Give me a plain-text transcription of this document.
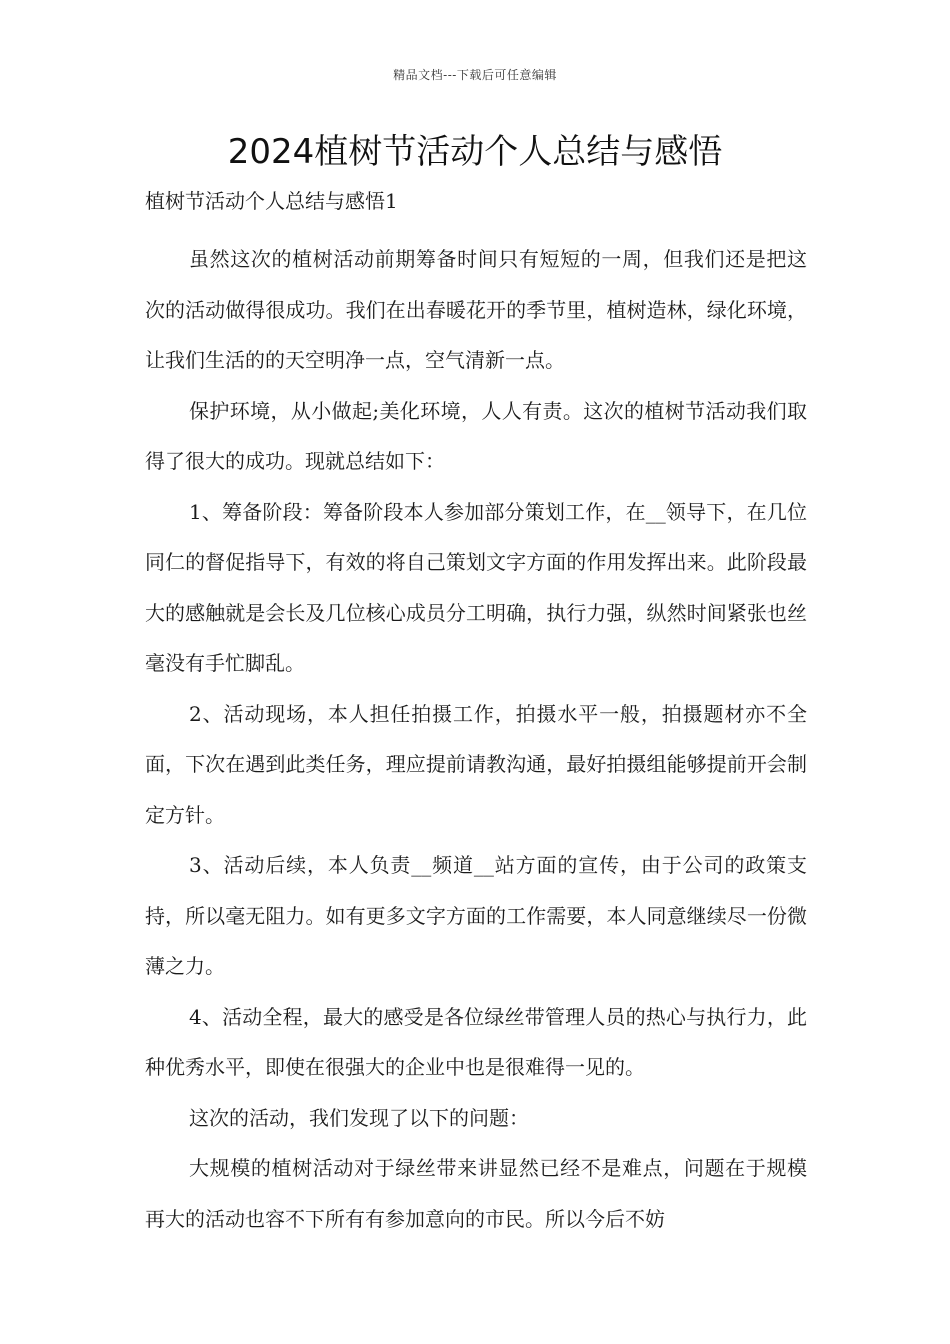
精品文档---下载后可任意编辑
2024植树节活动个人总结与感悟

植树节活动个人总结与感悟1

虽然这次的植树活动前期筹备时间只有短短的一周，但我们还是把这次的活动做得很成功。我们在出春暖花开的季节里，植树造林，绿化环境，让我们生活的的天空明净一点，空气清新一点。

保护环境，从小做起;美化环境，人人有责。这次的植树节活动我们取得了很大的成功。现就总结如下：

1、筹备阶段：筹备阶段本人参加部分策划工作，在__领导下，在几位同仁的督促指导下，有效的将自己策划文字方面的作用发挥出来。此阶段最大的感触就是会长及几位核心成员分工明确，执行力强，纵然时间紧张也丝毫没有手忙脚乱。

2、活动现场，本人担任拍摄工作，拍摄水平一般，拍摄题材亦不全面，下次在遇到此类任务，理应提前请教沟通，最好拍摄组能够提前开会制定方针。

3、活动后续，本人负责__频道__站方面的宣传，由于公司的政策支持，所以毫无阻力。如有更多文字方面的工作需要，本人同意继续尽一份微薄之力。

4、活动全程，最大的感受是各位绿丝带管理人员的热心与执行力，此种优秀水平，即使在很强大的企业中也是很难得一见的。

这次的活动，我们发现了以下的问题：

大规模的植树活动对于绿丝带来讲显然已经不是难点，问题在于规模再大的活动也容不下所有有参加意向的市民。所以今后不妨
